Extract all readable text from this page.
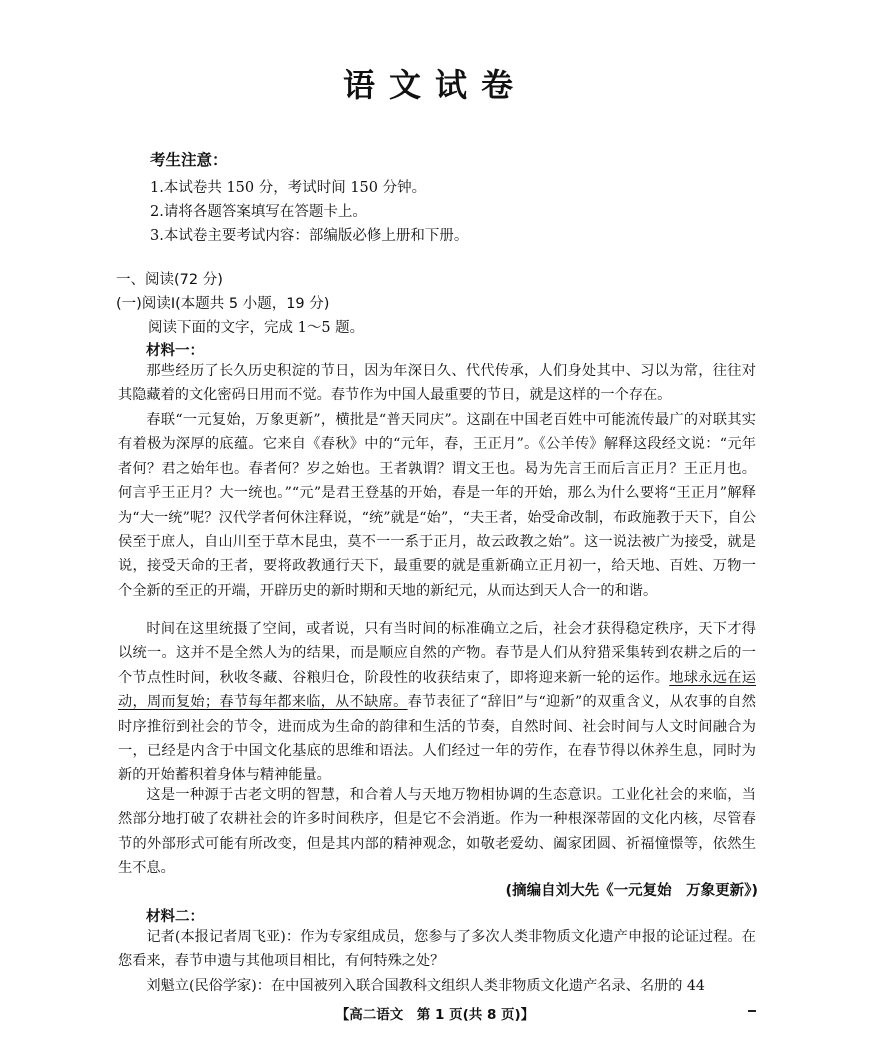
语文试卷
考生注意：
1.本试卷共 150 分，考试时间 150 分钟。
2.请将各题答案填写在答题卡上。
3.本试卷主要考试内容：部编版必修上册和下册。
一、阅读(72 分)
(一)阅读Ⅰ(本题共 5 小题，19 分)
阅读下面的文字，完成 1～5 题。
材料一：

那些经历了长久历史积淀的节日，因为年深日久、代代传承，人们身处其中、习以为常，往往对其隐藏着的文化密码日用而不觉。春节作为中国人最重要的节日，就是这样的一个存在。

春联“一元复始，万象更新”，横批是“普天同庆”。这副在中国老百姓中可能流传最广的对联其实有着极为深厚的底蕴。它来自《春秋》中的“元年，春，王正月”。《公羊传》解释这段经文说：“元年者何？君之始年也。春者何？岁之始也。王者孰谓？谓文王也。曷为先言王而后言正月？王正月也。何言乎王正月？大一统也。”“元”是君王登基的开始，春是一年的开始，那么为什么要将“王正月”解释为“大一统”呢？汉代学者何休注释说，“统”就是“始”，“夫王者，始受命改制，布政施教于天下，自公侯至于庶人，自山川至于草木昆虫，莫不一一系于正月，故云政教之始”。这一说法被广为接受，就是说，接受天命的王者，要将政教通行天下，最重要的就是重新确立正月初一，给天地、百姓、万物一个全新的至正的开端，开辟历史的新时期和天地的新纪元，从而达到天人合一的和谐。

时间在这里统摄了空间，或者说，只有当时间的标准确立之后，社会才获得稳定秩序，天下才得以统一。这并不是全然人为的结果，而是顺应自然的产物。春节是人们从狩猎采集转到农耕之后的一个节点性时间，秋收冬藏、谷粮归仓，阶段性的收获结束了，即将迎来新一轮的运作。地球永远在运动，周而复始；春节每年都来临，从不缺席。春节表征了“辞旧”与“迎新”的双重含义，从农事的自然时序推衍到社会的节令，进而成为生命的韵律和生活的节奏，自然时间、社会时间与人文时间融合为一，已经是内含于中国文化基底的思维和语法。人们经过一年的劳作，在春节得以休养生息，同时为新的开始蓄积着身体与精神能量。

这是一种源于古老文明的智慧，和合着人与天地万物相协调的生态意识。工业化社会的来临，当然部分地打破了农耕社会的许多时间秩序，但是它不会消逝。作为一种根深蒂固的文化内核，尽管春节的外部形式可能有所改变，但是其内部的精神观念，如敬老爱幼、阖家团圆、祈福憧憬等，依然生生不息。

(摘编自刘大先《一元复始　万象更新》)
材料二：

记者(本报记者周飞亚)：作为专家组成员，您参与了多次人类非物质文化遗产申报的论证过程。在您看来，春节申遗与其他项目相比，有何特殊之处？

刘魁立(民俗学家)：在中国被列入联合国教科文组织人类非物质文化遗产名录、名册的 44

【高二语文　第 1 页(共 8 页)】
